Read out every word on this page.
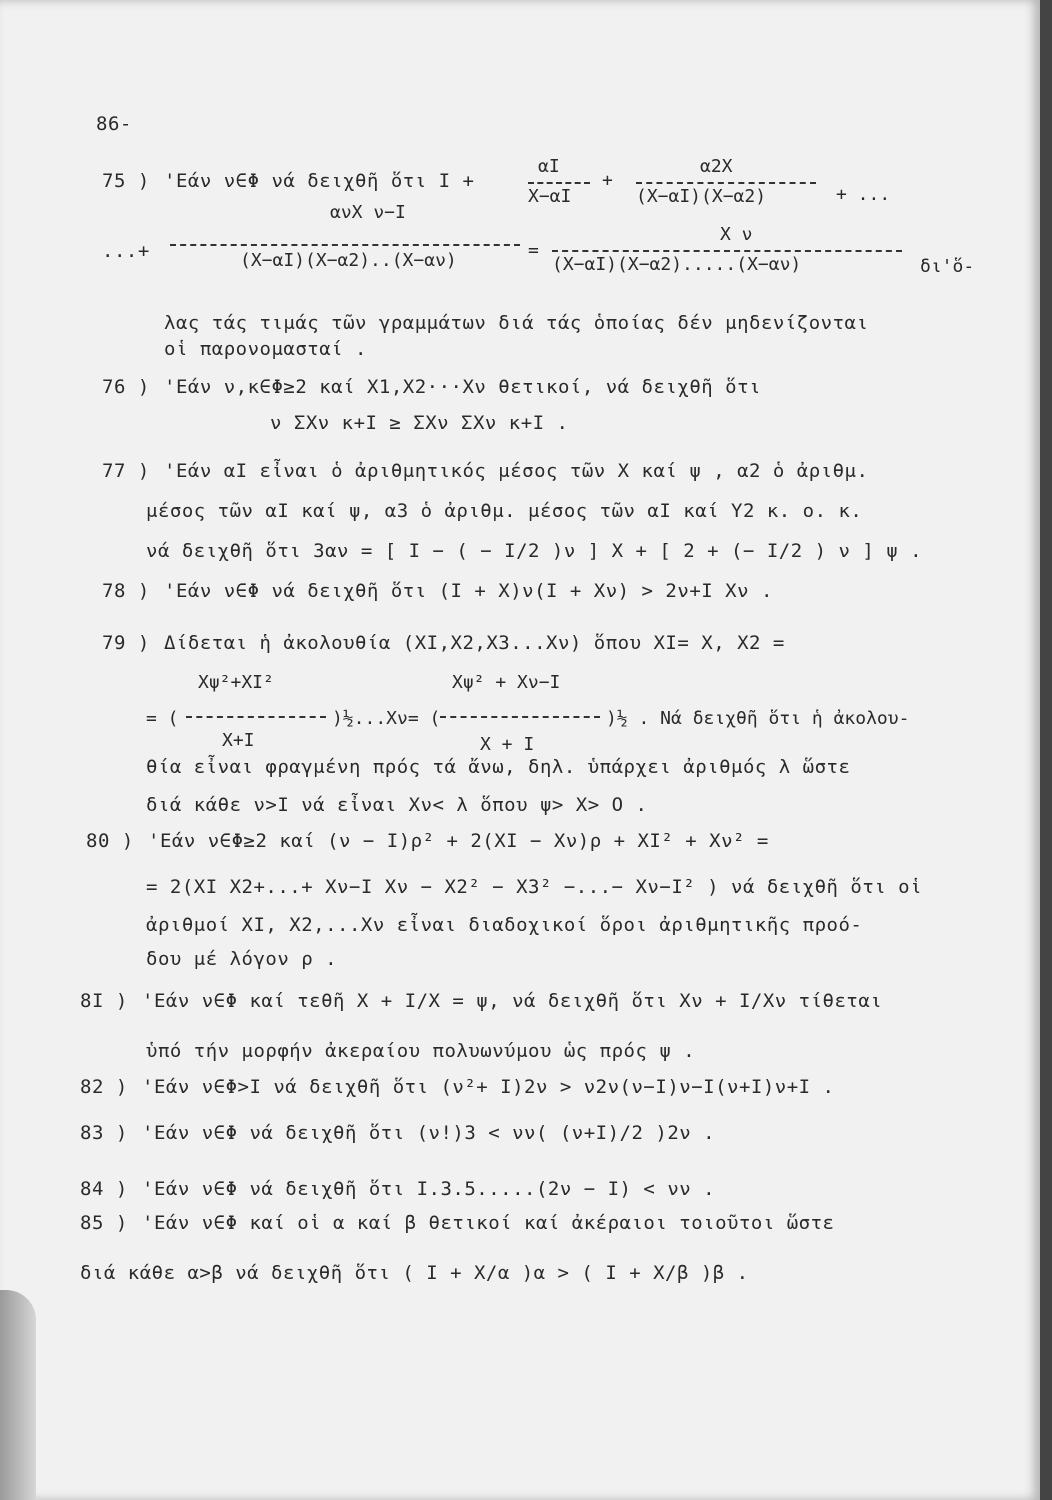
86-
75 ) 'Εάν ν∈Φ νά δειχθῆ ὅτι Ι +
αΙ
Χ−αΙ
+
α2Χ
(Χ−αΙ)(Χ−α2)	+ ...
...+
ανΧ ν−Ι
(Χ−αΙ)(Χ−α2)..(Χ−αν)	=
Χ ν
(Χ−αΙ)(Χ−α2).....(Χ−αν)	δι'ὅ-
λας τάς τιμάς τῶν γραμμάτων διά τάς ὁποίας δέν μηδενίζονται
οἱ παρονομασταί .
76 ) 'Εάν ν,κ∈Φ≥2 καί Χ1,Χ2···Χν θετικοί, νά δειχθῆ ὅτι
ν ΣΧν κ+Ι ≥ ΣΧν ΣΧν κ+Ι .
77 ) 'Εάν αΙ εἶναι ὁ ἀριθμητικός μέσος τῶν Χ καί ψ , α2 ὁ ἀριθμ.
μέσος τῶν αΙ καί ψ, α3 ὁ ἀριθμ. μέσος τῶν αΙ καί Υ2 κ. ο. κ.
νά δειχθῆ ὅτι 3αν = [ Ι − ( − Ι/2 )ν ] Χ + [ 2 + (− Ι/2 ) ν ] ψ .
78 ) 'Εάν ν∈Φ νά δειχθῆ ὅτι (Ι + Χ)ν(Ι + Χν) > 2ν+Ι Χν .
79 ) Δίδεται ἡ ἀκολουθία (ΧΙ,Χ2,Χ3...Χν) ὅπου ΧΙ= Χ, Χ2 =
= (
Χψ²+ΧΙ²
Χ+Ι
)½...Χν= (
Χψ² + Χν−Ι
Χ + Ι
)½ . Νά δειχθῆ ὅτι ἡ ἀκολου-
θία εἶναι φραγμένη πρός τά ἄνω, δηλ. ὑπάρχει ἀριθμός λ ὥστε
διά κάθε ν>Ι νά εἶναι Χν< λ ὅπου ψ> Χ> Ο .
80 ) 'Εάν ν∈Φ≥2 καί (ν − Ι)ρ² + 2(ΧΙ − Χν)ρ + ΧΙ² + Χν² =
= 2(ΧΙ Χ2+...+ Χν−Ι Χν − Χ2² − Χ3² −...− Χν−Ι² ) νά δειχθῆ ὅτι οἱ
ἀριθμοί ΧΙ, Χ2,...Χν εἶναι διαδοχικοί ὅροι ἀριθμητικῆς προό-
δου μέ λόγον ρ .
8Ι ) 'Εάν ν∈Φ καί τεθῆ Χ + Ι/Χ = ψ, νά δειχθῆ ὅτι Χν + Ι/Χν τίθεται
ὑπό τήν μορφήν ἀκεραίου πολυωνύμου ὡς πρός ψ .
82 ) 'Εάν ν∈Φ>Ι νά δειχθῆ ὅτι (ν²+ Ι)2ν > ν2ν(ν−Ι)ν−Ι(ν+Ι)ν+Ι .
83 ) 'Εάν ν∈Φ νά δειχθῆ ὅτι (ν!)3 < νν( (ν+Ι)/2 )2ν .
84 ) 'Εάν ν∈Φ νά δειχθῆ ὅτι Ι.3.5.....(2ν − Ι) < νν .
85 ) 'Εάν ν∈Φ καί οἱ α καί β θετικοί καί ἀκέραιοι τοιοῦτοι ὥστε
διά κάθε α>β νά δειχθῆ ὅτι ( Ι + Χ/α )α > ( Ι + Χ/β )β .
